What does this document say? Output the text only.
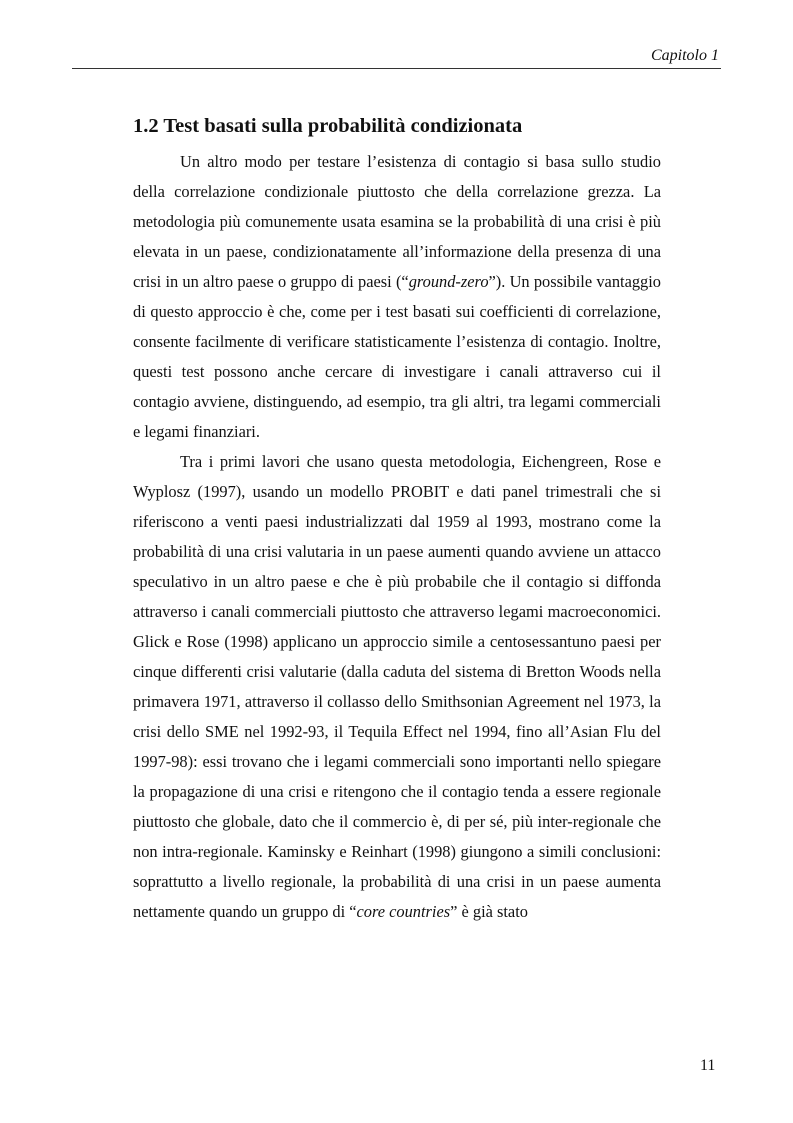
Capitolo 1
1.2 Test basati sulla probabilità condizionata

Un altro modo per testare l’esistenza di contagio si basa sullo studio della correlazione condizionale piuttosto che della correlazione grezza. La metodologia più comunemente usata esamina se la probabilità di una crisi è più elevata in un paese, condizionatamente all’informazione della presenza di una crisi in un altro paese o gruppo di paesi (“ground-zero”). Un possibile vantaggio di questo approccio è che, come per i test basati sui coefficienti di correlazione, consente facilmente di verificare statisticamente l’esistenza di contagio. Inoltre, questi test possono anche cercare di investigare i canali attraverso cui il contagio avviene, distinguendo, ad esempio, tra gli altri, tra legami commerciali e legami finanziari.

Tra i primi lavori che usano questa metodologia, Eichengreen, Rose e Wyplosz (1997), usando un modello PROBIT e dati panel trimestrali che si riferiscono a venti paesi industrializzati dal 1959 al 1993, mostrano come la probabilità di una crisi valutaria in un paese aumenti quando avviene un attacco speculativo in un altro paese e che è più probabile che il contagio si diffonda attraverso i canali commerciali piuttosto che attraverso legami macroeconomici. Glick e Rose (1998) applicano un approccio simile a centosessantuno paesi per cinque differenti crisi valutarie (dalla caduta del sistema di Bretton Woods nella primavera 1971, attraverso il collasso dello Smithsonian Agreement nel 1973, la crisi dello SME nel 1992-93, il Tequila Effect nel 1994, fino all’Asian Flu del 1997-98): essi trovano che i legami commerciali sono importanti nello spiegare la propagazione di una crisi e ritengono che il contagio tenda a essere regionale piuttosto che globale, dato che il commercio è, di per sé, più inter-regionale che non intra-regionale. Kaminsky e Reinhart (1998) giungono a simili conclusioni: soprattutto a livello regionale, la probabilità di una crisi in un paese aumenta nettamente quando un gruppo di “core countries” è già stato

11
